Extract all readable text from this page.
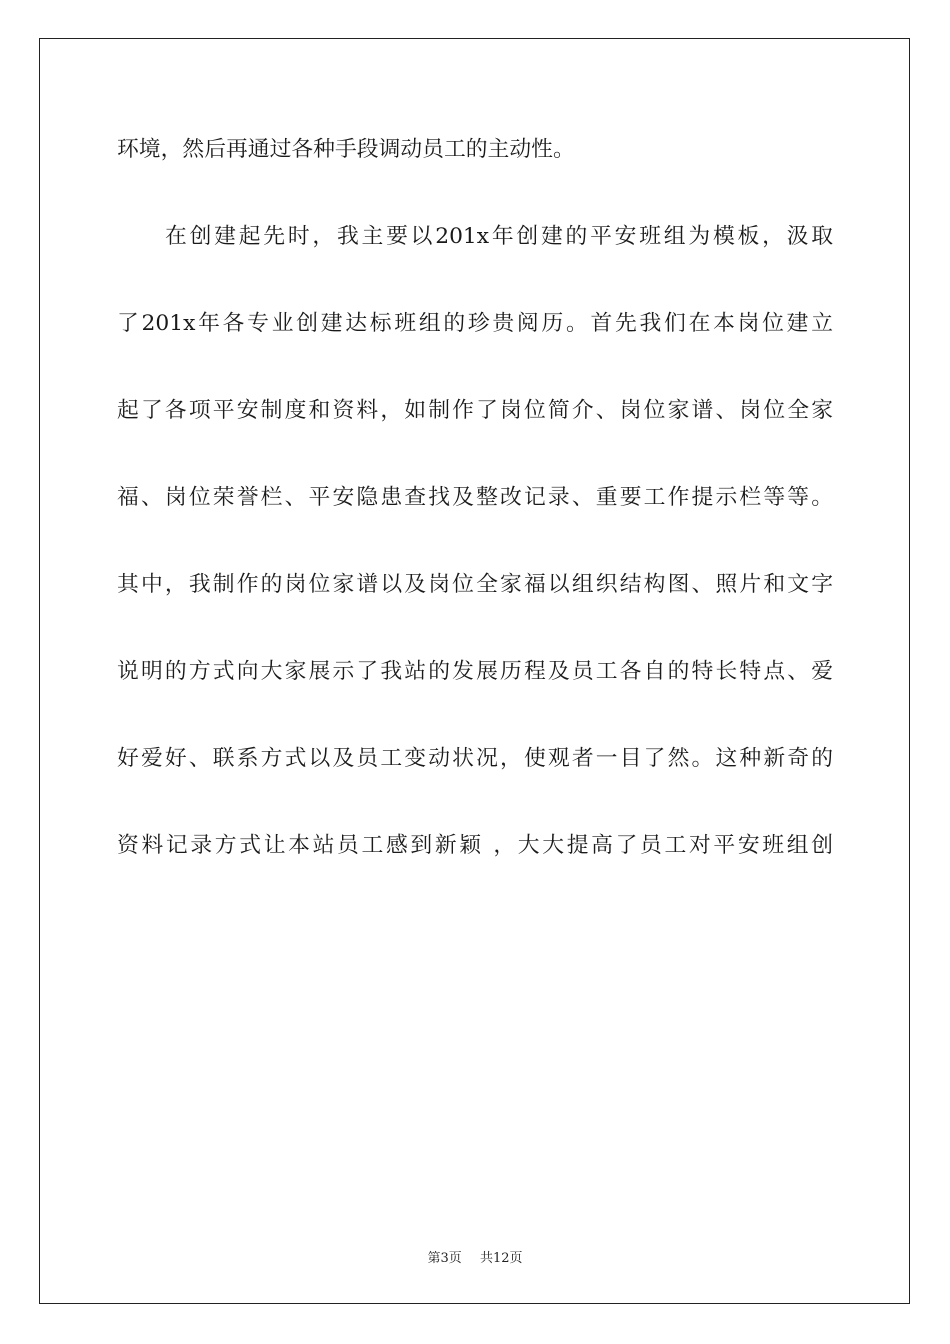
环境，然后再通过各种手段调动员工的主动性。
在创建起先时，我主要以201x年创建的平安班组为模板，汲取
了201x年各专业创建达标班组的珍贵阅历。首先我们在本岗位建立
起了各项平安制度和资料，如制作了岗位简介、岗位家谱、岗位全家
福、岗位荣誉栏、平安隐患查找及整改记录、重要工作提示栏等等。
其中，我制作的岗位家谱以及岗位全家福以组织结构图、照片和文字
说明的方式向大家展示了我站的发展历程及员工各自的特长特点、爱
好爱好、联系方式以及员工变动状况，使观者一目了然。这种新奇的
资料记录方式让本站员工感到新颖 ，大大提高了员工对平安班组创
第3页 共12页
